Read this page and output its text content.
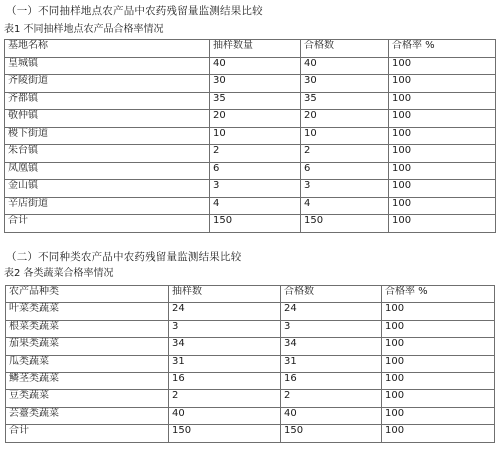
（一）不同抽样地点农产品中农药残留量监测结果比较
表1 不同抽样地点农产品合格率情况
基地名称	抽样数量	合格数	合格率 %
皇城镇	40	40	100
齐陵街道	30	30	100
齐都镇	35	35	100
敬仲镇	20	20	100
稷下街道	10	10	100
朱台镇	2	2	100
凤凰镇	6	6	100
金山镇	3	3	100
辛店街道	4	4	100
合计	150	150	100
（二）不同种类农产品中农药残留量监测结果比较
表2 各类蔬菜合格率情况
农产品种类	抽样数	合格数	合格率 %
叶菜类蔬菜	24	24	100
根菜类蔬菜	3	3	100
茄果类蔬菜	34	34	100
瓜类蔬菜	31	31	100
鳞茎类蔬菜	16	16	100
豆类蔬菜	2	2	100
芸薹类蔬菜	40	40	100
合计	150	150	100
